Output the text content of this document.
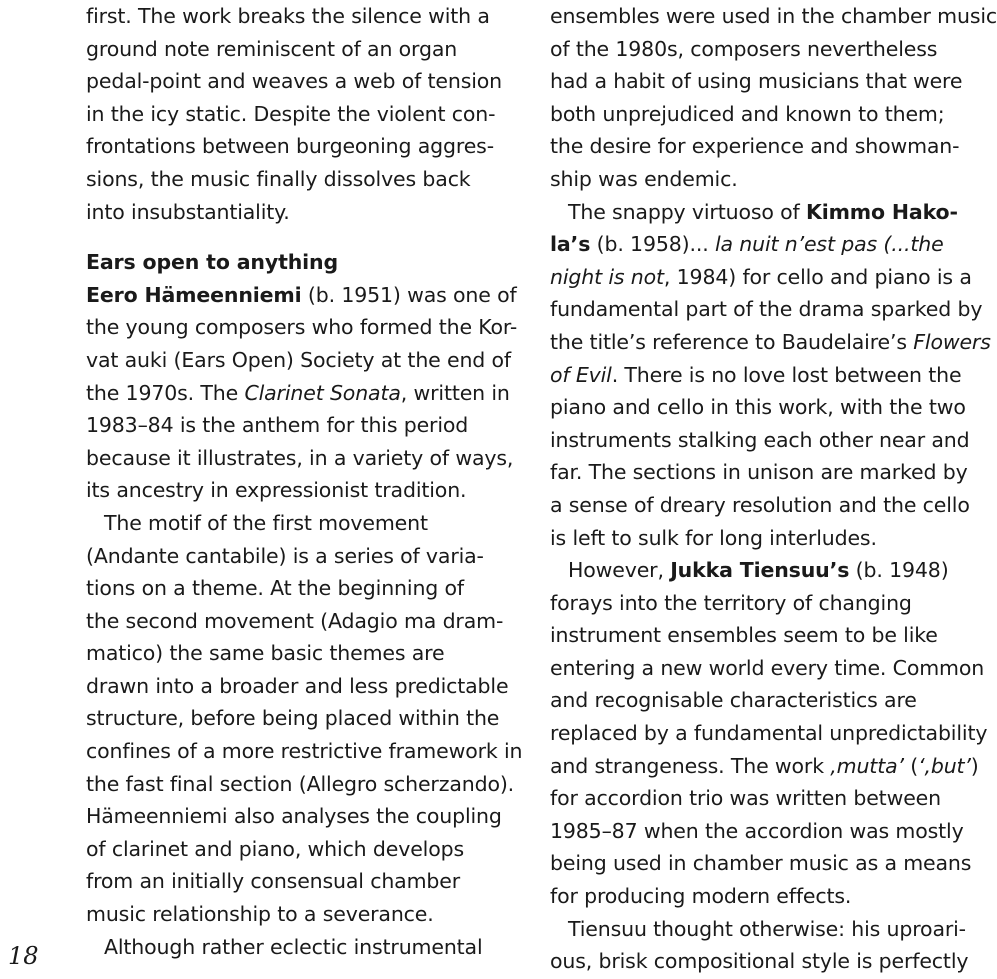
18
first. The work breaks the silence with a
ground note reminiscent of an organ
pedal-point and weaves a web of tension
in the icy static. Despite the violent con-
frontations between burgeoning aggres-
sions, the music finally dissolves back
into insubstantiality.
Ears open to anything
Eero Hämeenniemi (b. 1951) was one of
the young composers who formed the Kor-
vat auki (Ears Open) Society at the end of
the 1970s. The Clarinet Sonata, written in
1983–84 is the anthem for this period
because it illustrates, in a variety of ways,
its ancestry in expressionist tradition.
The motif of the first movement
(Andante cantabile) is a series of varia-
tions on a theme. At the beginning of
the second movement (Adagio ma dram-
matico) the same basic themes are
drawn into a broader and less predictable
structure, before being placed within the
confines of a more restrictive framework in
the fast final section (Allegro scherzando).
Hämeenniemi also analyses the coupling
of clarinet and piano, which develops
from an initially consensual chamber
music relationship to a severance.
Although rather eclectic instrumental
ensembles were used in the chamber music
of the 1980s, composers nevertheless
had a habit of using musicians that were
both unprejudiced and known to them;
the desire for experience and showman-
ship was endemic.
The snappy virtuoso of Kimmo Hako-
la’s (b. 1958)... la nuit n’est pas (...the
night is not, 1984) for cello and piano is a
fundamental part of the drama sparked by
the title’s reference to Baudelaire’s Flowers
of Evil. There is no love lost between the
piano and cello in this work, with the two
instruments stalking each other near and
far. The sections in unison are marked by
a sense of dreary resolution and the cello
is left to sulk for long interludes.
However, Jukka Tiensuu’s (b. 1948)
forays into the territory of changing
instrument ensembles seem to be like
entering a new world every time. Common
and recognisable characteristics are
replaced by a fundamental unpredictability
and strangeness. The work ‚mutta’ (‘,but’)
for accordion trio was written between
1985–87 when the accordion was mostly
being used in chamber music as a means
for producing modern effects.
Tiensuu thought otherwise: his uproari-
ous, brisk compositional style is perfectly
